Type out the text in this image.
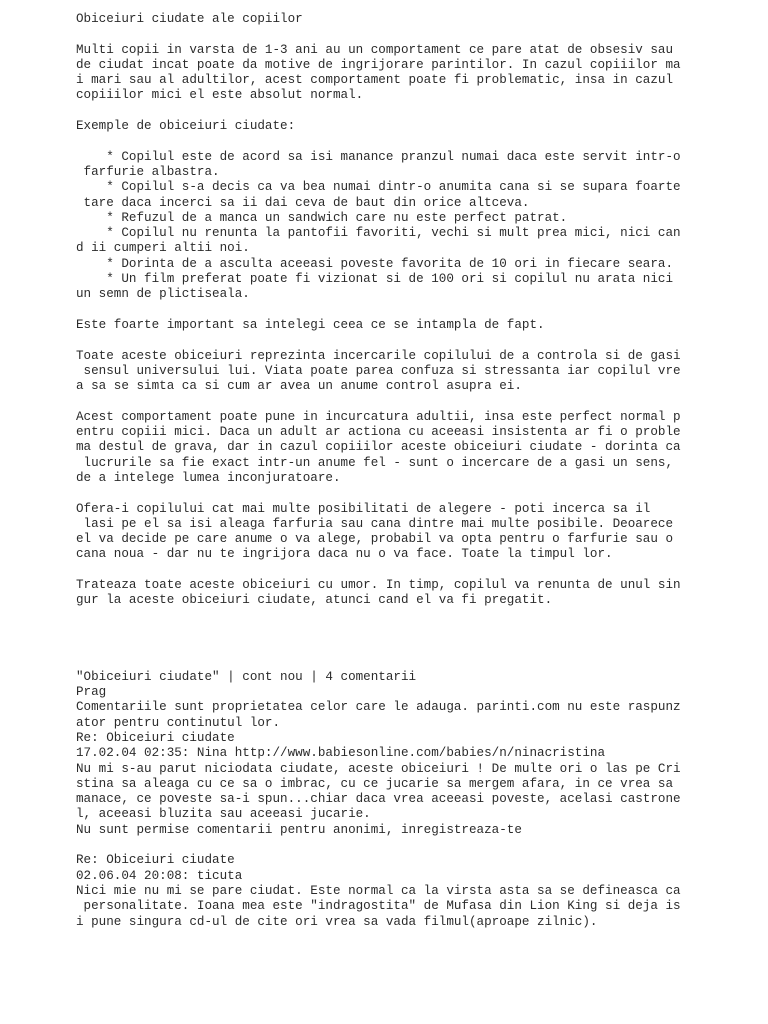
Obiceiuri ciudate ale copiilor
Multi copii in varsta de 1-3 ani au un comportament ce pare atat de obsesiv sau
de ciudat incat poate da motive de ingrijorare parintilor. In cazul copiiilor ma
i mari sau al adultilor, acest comportament poate fi problematic, insa in cazul
copiiilor mici el este absolut normal.
Exemple de obiceiuri ciudate:
* Copilul este de acord sa isi manance pranzul numai daca este servit intr-o
farfurie albastra.
* Copilul s-a decis ca va bea numai dintr-o anumita cana si se supara foarte
tare daca incerci sa ii dai ceva de baut din orice altceva.
* Refuzul de a manca un sandwich care nu este perfect patrat.
* Copilul nu renunta la pantofii favoriti, vechi si mult prea mici, nici can
d ii cumperi altii noi.
* Dorinta de a asculta aceeasi poveste favorita de 10 ori in fiecare seara.
* Un film preferat poate fi vizionat si de 100 ori si copilul nu arata nici
un semn de plictiseala.
Este foarte important sa intelegi ceea ce se intampla de fapt.
Toate aceste obiceiuri reprezinta incercarile copilului de a controla si de gasi
sensul universului lui. Viata poate parea confuza si stressanta iar copilul vre
a sa se simta ca si cum ar avea un anume control asupra ei.
Acest comportament poate pune in incurcatura adultii, insa este perfect normal p
entru copiii mici. Daca un adult ar actiona cu aceeasi insistenta ar fi o proble
ma destul de grava, dar in cazul copiiilor aceste obiceiuri ciudate - dorinta ca
lucrurile sa fie exact intr-un anume fel - sunt o incercare de a gasi un sens,
de a intelege lumea inconjuratoare.
Ofera-i copilului cat mai multe posibilitati de alegere - poti incerca sa il
lasi pe el sa isi aleaga farfuria sau cana dintre mai multe posibile. Deoarece
el va decide pe care anume o va alege, probabil va opta pentru o farfurie sau o
cana noua - dar nu te ingrijora daca nu o va face. Toate la timpul lor.
Trateaza toate aceste obiceiuri cu umor. In timp, copilul va renunta de unul sin
gur la aceste obiceiuri ciudate, atunci cand el va fi pregatit.
"Obiceiuri ciudate" | cont nou | 4 comentarii
Prag
Comentariile sunt proprietatea celor care le adauga. parinti.com nu este raspunz
ator pentru continutul lor.
Re: Obiceiuri ciudate
17.02.04 02:35: Nina http://www.babiesonline.com/babies/n/ninacristina
Nu mi s-au parut niciodata ciudate, aceste obiceiuri ! De multe ori o las pe Cri
stina sa aleaga cu ce sa o imbrac, cu ce jucarie sa mergem afara, in ce vrea sa
manace, ce poveste sa-i spun...chiar daca vrea aceeasi poveste, acelasi castrone
l, aceeasi bluzita sau aceeasi jucarie.
Nu sunt permise comentarii pentru anonimi, inregistreaza-te
Re: Obiceiuri ciudate
02.06.04 20:08: ticuta
Nici mie nu mi se pare ciudat. Este normal ca la virsta asta sa se defineasca ca
personalitate. Ioana mea este "indragostita" de Mufasa din Lion King si deja is
i pune singura cd-ul de cite ori vrea sa vada filmul(aproape zilnic).
